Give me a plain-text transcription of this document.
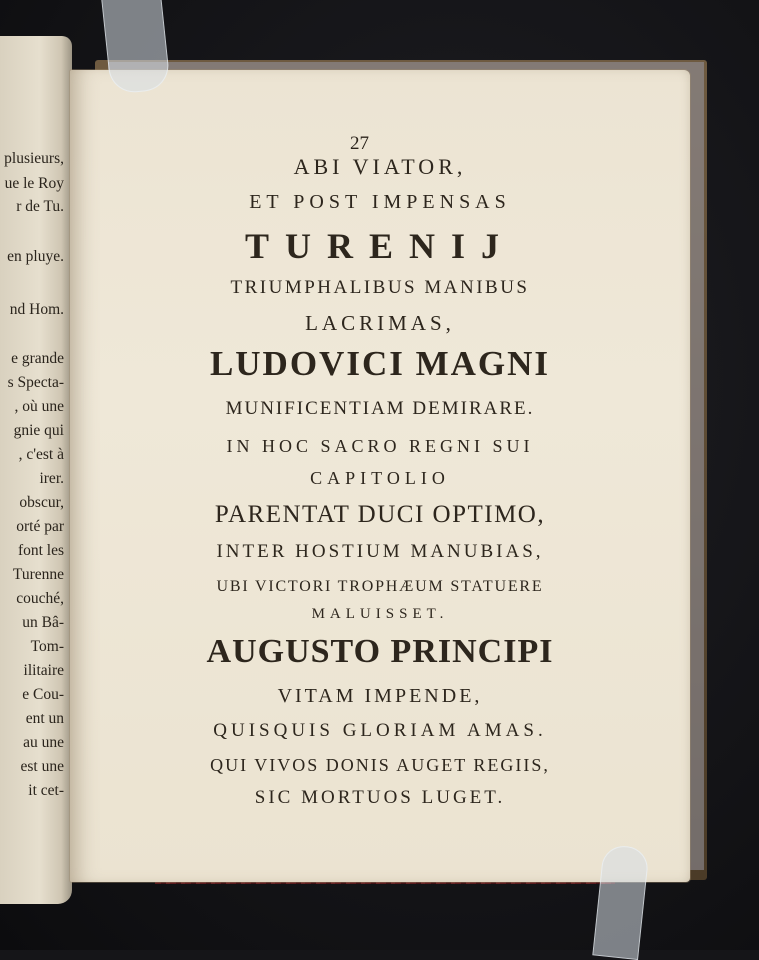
plusieurs,
ue le Roy
r de Tu.
en pluye.
nd Hom.
e grande
s Specta-
, où une
gnie qui
, c'est à
irer.
obscur,
orté par
font les
Turenne
couché,
un Bâ-
Tom-
ilitaire
e Cou-
ent un
au une
est une
it cet-
27
ABI VIATOR,
ET POST IMPENSAS
TURENIJ
TRIUMPHALIBUS MANIBUS
LACRIMAS,
LUDOVICI MAGNI
MUNIFICENTIAM DEMIRARE.
IN HOC SACRO REGNI SUI
CAPITOLIO
PARENTAT DUCI OPTIMO,
INTER HOSTIUM MANUBIAS,
UBI VICTORI TROPHÆUM STATUERE
MALUISSET.
AUGUSTO PRINCIPI
VITAM IMPENDE,
QUISQUIS GLORIAM AMAS.
QUI VIVOS DONIS AUGET REGIIS,
SIC MORTUOS LUGET.
